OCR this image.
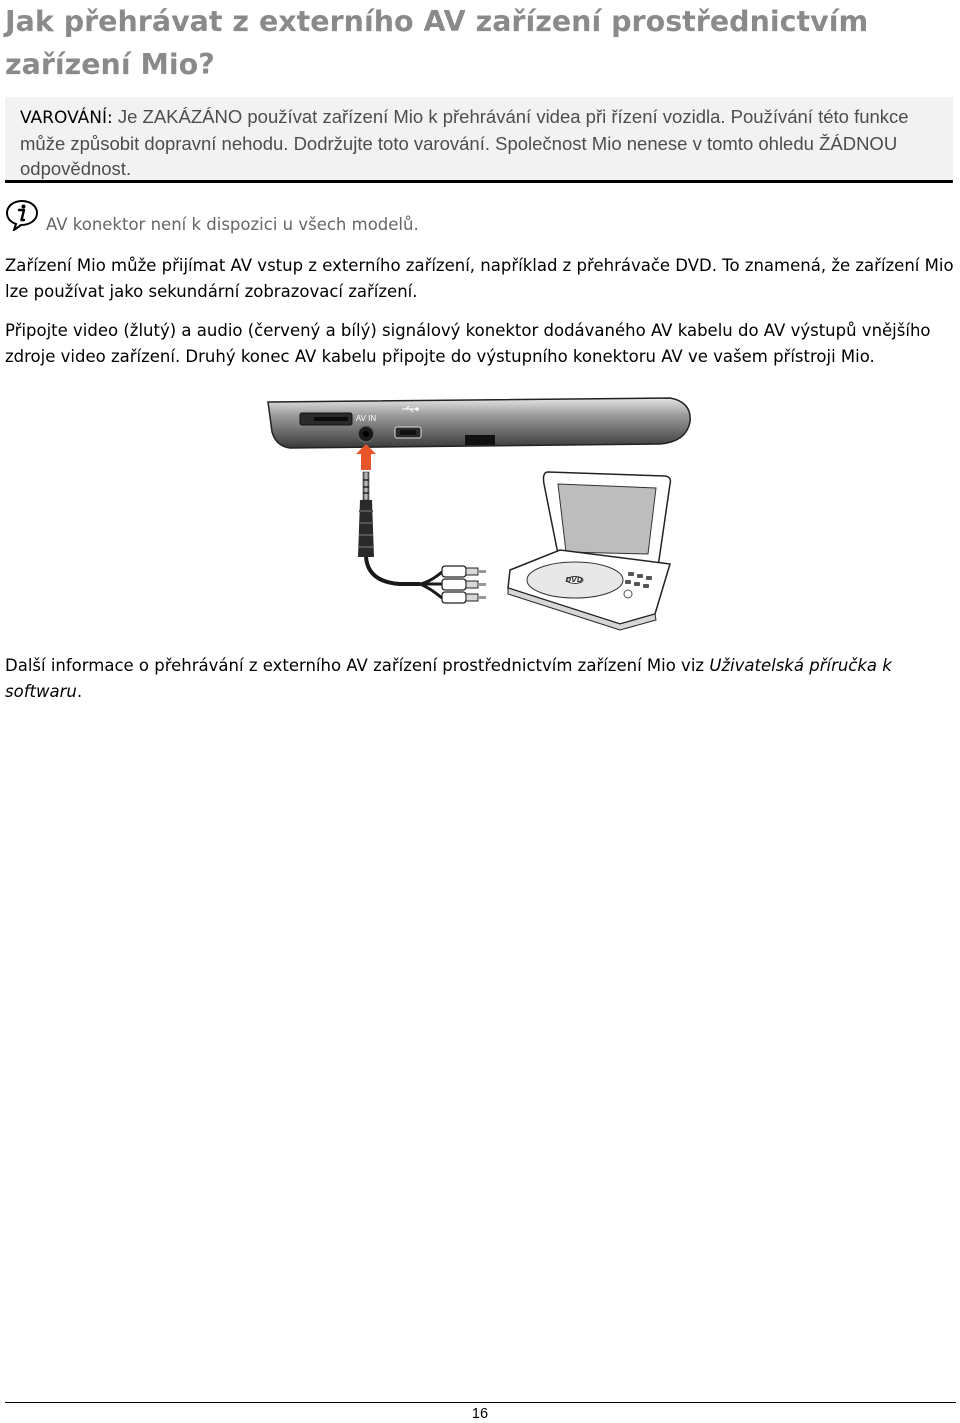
Jak přehrávat z externího AV zařízení prostřednictvím zařízení Mio?
VAROVÁNÍ: Je ZAKÁZÁNO používat zařízení Mio k přehrávání videa při řízení vozidla. Používání této funkce může způsobit dopravní nehodu. Dodržujte toto varování. Společnost Mio nenese v tomto ohledu ŽÁDNOU odpovědnost.
AV konektor není k dispozici u všech modelů.

Zařízení Mio může přijímat AV vstup z externího zařízení, například z přehrávače DVD. To znamená, že zařízení Mio lze používat jako sekundární zobrazovací zařízení.

Připojte video (žlutý) a audio (červený a bílý) signálový konektor dodávaného AV kabelu do AV výstupů vnějšího zdroje video zařízení. Druhý konec AV kabelu připojte do výstupního konektoru AV ve vašem přístroji Mio.

AV IN
DVD

Další informace o přehrávání z externího AV zařízení prostřednictvím zařízení Mio viz Uživatelská příručka k softwaru.

16
